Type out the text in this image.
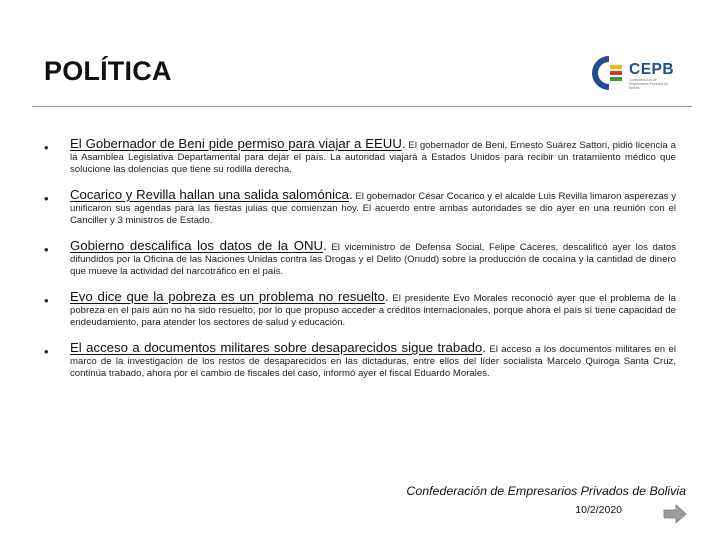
POLÍTICA	CEPB
Confederación de Empresarios Privados de Bolivia
• El Gobernador de Beni pide permiso para viajar a EEUU. El gobernador de Beni, Ernesto Suárez Sattori, pidió licencia a la Asamblea Legislativa Departamental para dejar el país. La autoridad viajará a Estados Unidos para recibir un tratamiento médico que solucione las dolencias que tiene su rodilla derecha.
• Cocarico y Revilla hallan una salida salomónica. El gobernador César Cocarico y el alcalde Luis Revilla limaron asperezas y unificaron sus agendas para las fiestas julias que comienzan hoy. El acuerdo entre ambas autoridades se dio ayer en una reunión con el Canciller y 3 ministros de Estado.
• Gobierno descalifica los datos de la ONU. El viceministro de Defensa Social, Felipe Cáceres, descalificó ayer los datos difundidos por la Oficina de las Naciones Unidas contra las Drogas y el Delito (Onudd) sobre la producción de cocaína y la cantidad de dinero que mueve la actividad del narcotráfico en el país.
• Evo dice que la pobreza es un problema no resuelto. El presidente Evo Morales reconoció ayer que el problema de la pobreza en el país aún no ha sido resuelto, por lo que propuso acceder a créditos internacionales, porque ahora el país sí tiene capacidad de endeudamiento, para atender los sectores de salud y educación.
• El acceso a documentos militares sobre desaparecidos sigue trabado. El acceso a los documentos militares en el marco de la investigación de los restos de desaparecidos en las dictaduras, entre ellos del líder socialista Marcelo Quiroga Santa Cruz, continúa trabado, ahora por el cambio de fiscales del caso, informó ayer el fiscal Eduardo Morales.
Confederación de Empresarios Privados de Bolivia
10/2/2020
